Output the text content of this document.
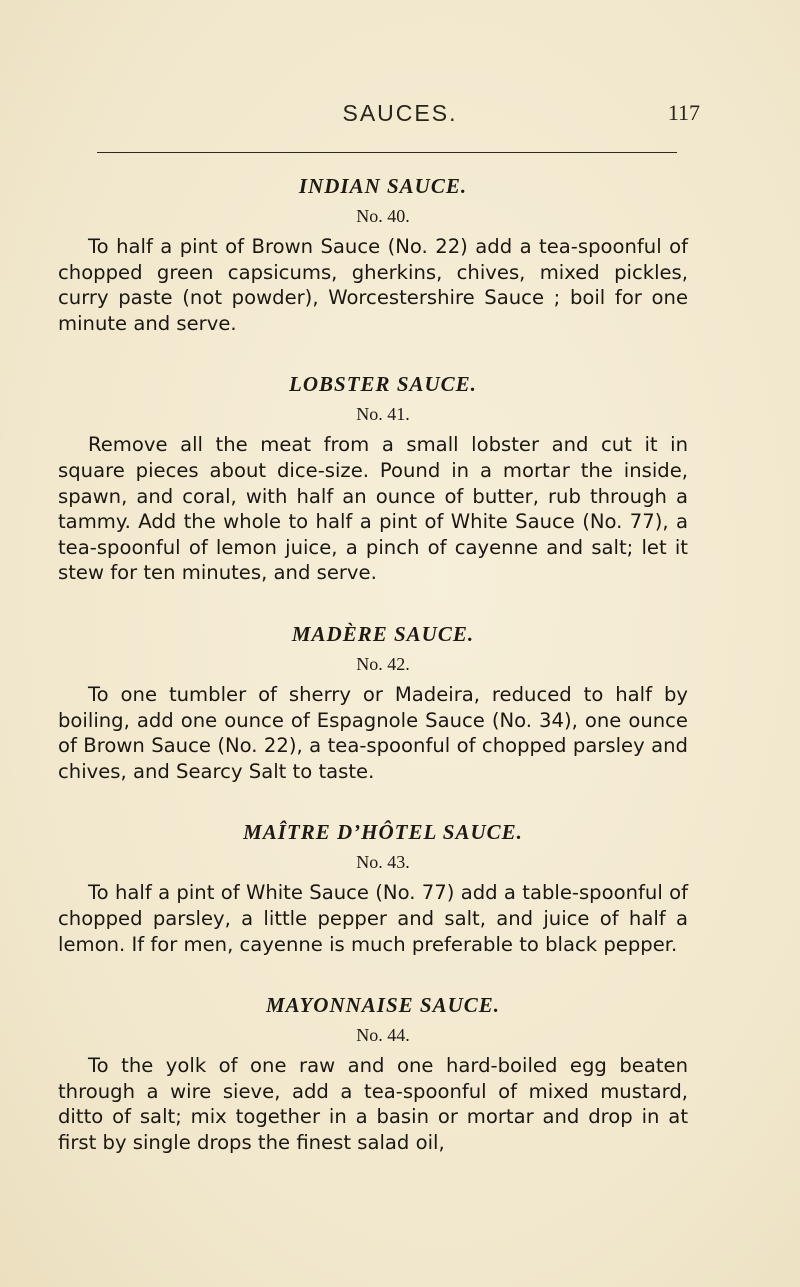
SAUCES.	117
INDIAN SAUCE.
No. 40.

To half a pint of Brown Sauce (No. 22) add a tea-spoonful of chopped green capsicums, gherkins, chives, mixed pickles, curry paste (not powder), Worcestershire Sauce ; boil for one minute and serve.

LOBSTER SAUCE.
No. 41.

Remove all the meat from a small lobster and cut it in square pieces about dice-size. Pound in a mortar the inside, spawn, and coral, with half an ounce of butter, rub through a tammy. Add the whole to half a pint of White Sauce (No. 77), a tea-spoonful of lemon juice, a pinch of cayenne and salt; let it stew for ten minutes, and serve.

MADÈRE SAUCE.
No. 42.

To one tumbler of sherry or Madeira, reduced to half by boiling, add one ounce of Espagnole Sauce (No. 34), one ounce of Brown Sauce (No. 22), a tea-spoonful of chopped parsley and chives, and Searcy Salt to taste.

MAÎTRE D’HÔTEL SAUCE.
No. 43.

To half a pint of White Sauce (No. 77) add a table-spoonful of chopped parsley, a little pepper and salt, and juice of half a lemon. If for men, cayenne is much preferable to black pepper.

MAYONNAISE SAUCE.
No. 44.

To the yolk of one raw and one hard-boiled egg beaten through a wire sieve, add a tea-spoonful of mixed mustard, ditto of salt; mix together in a basin or mortar and drop in at first by single drops the finest salad oil,
